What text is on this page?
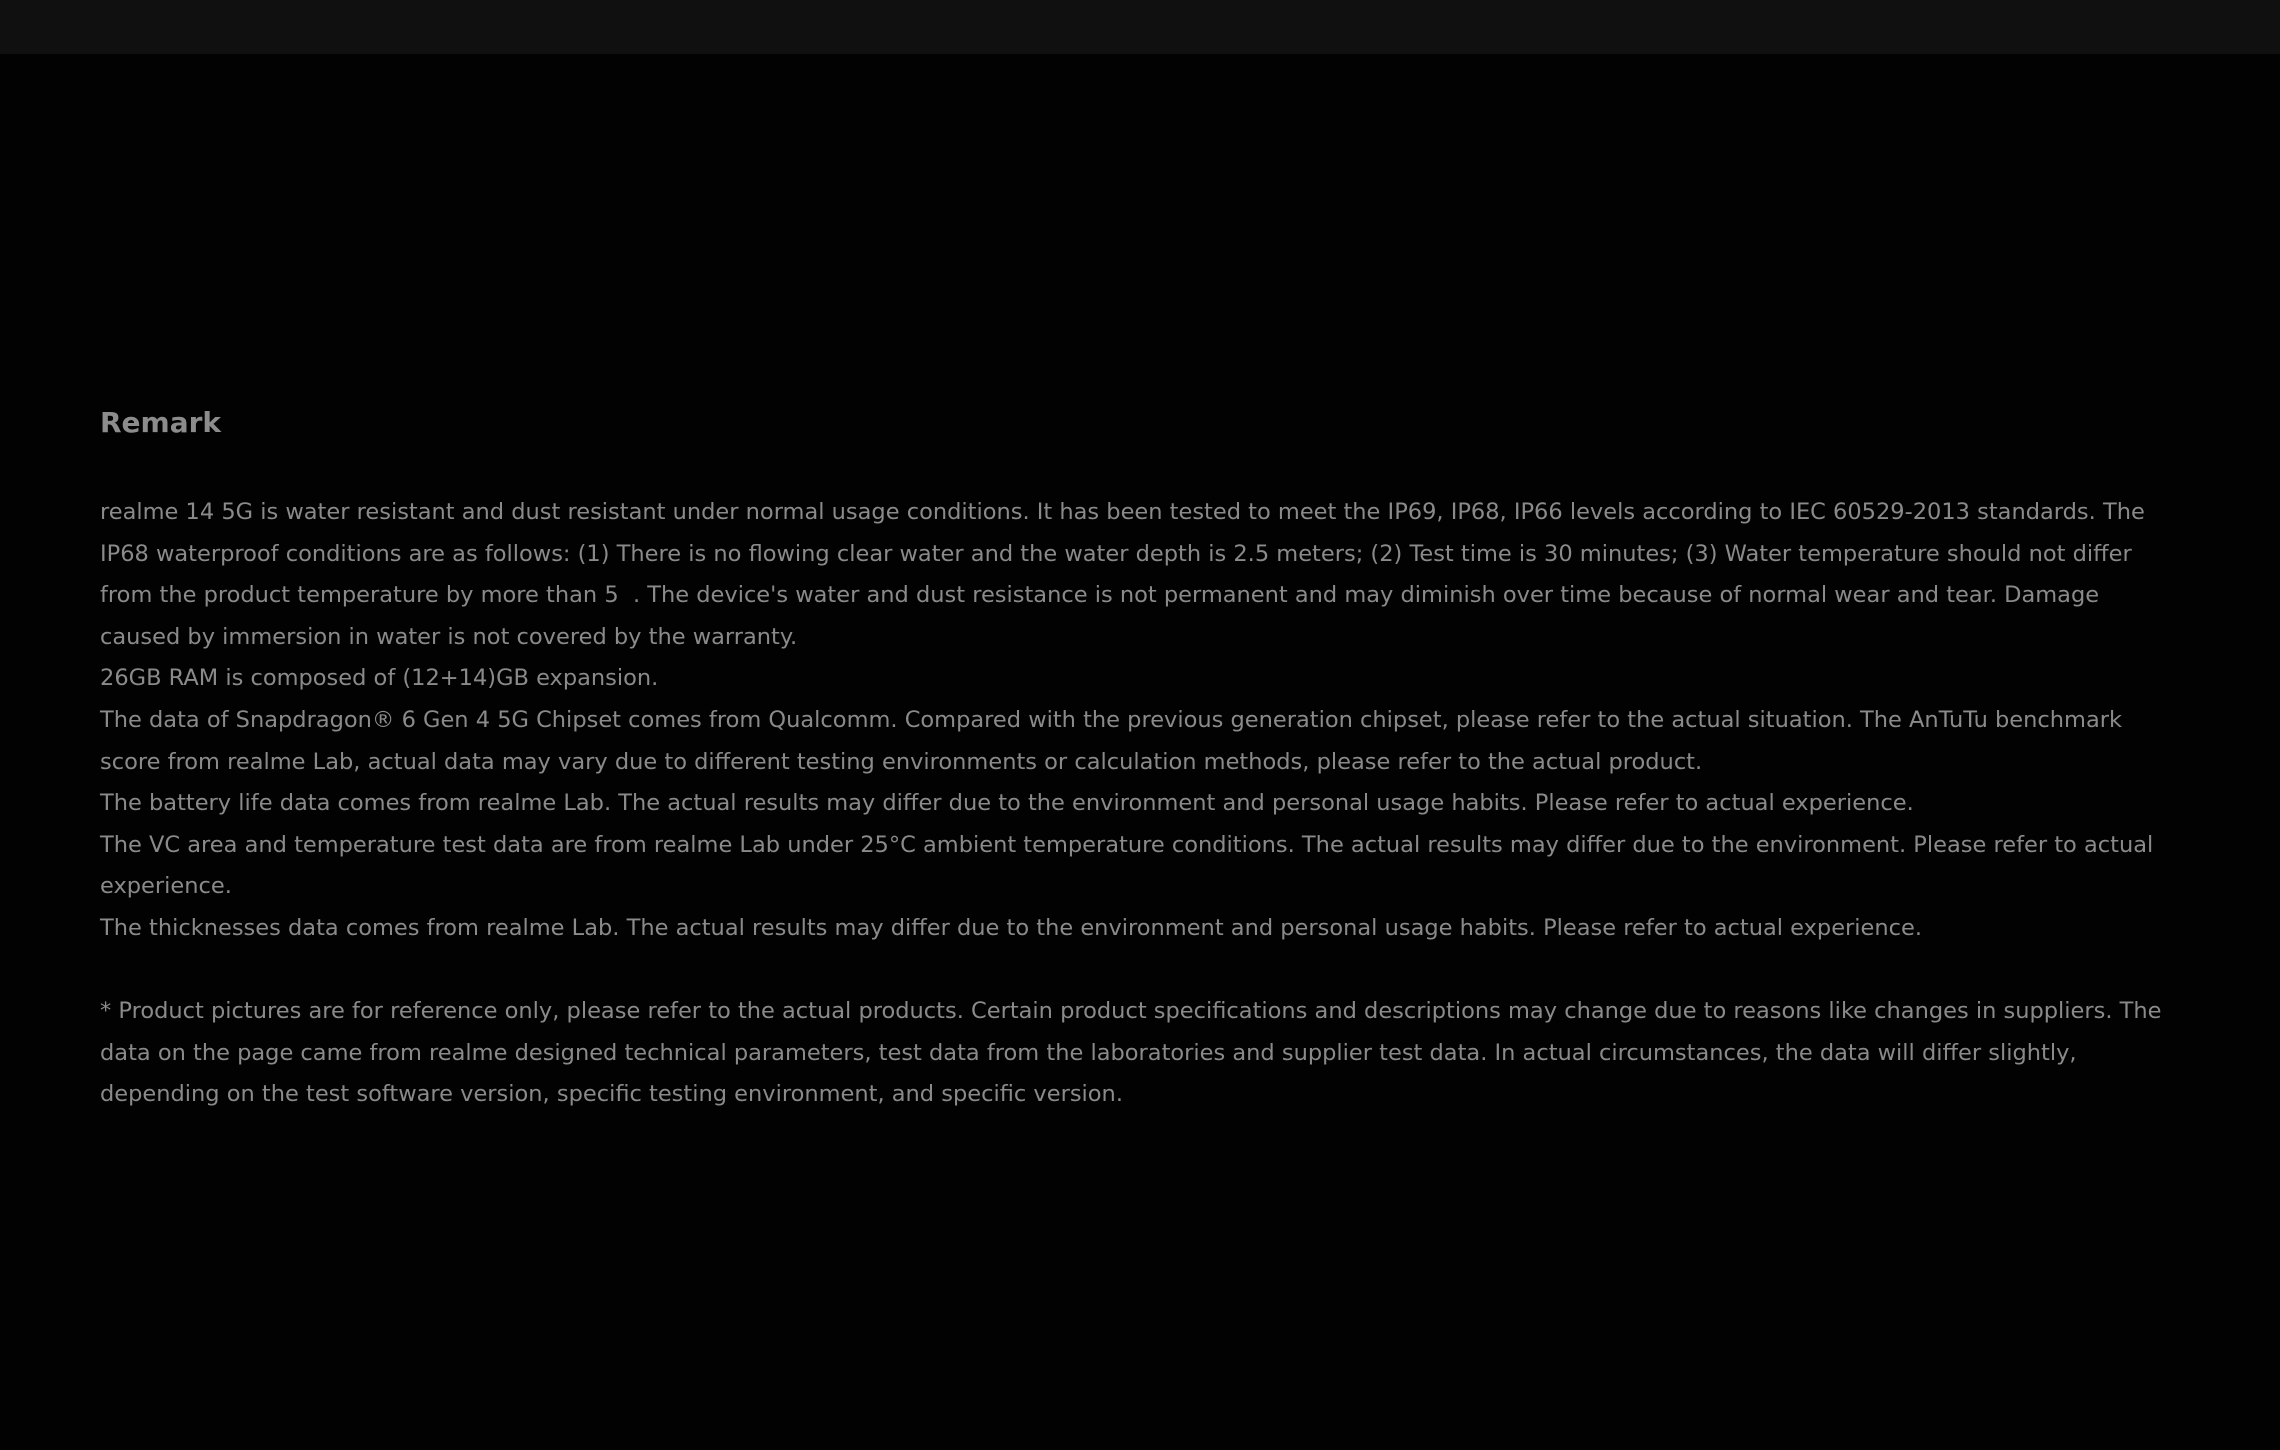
Remark
realme 14 5G is water resistant and dust resistant under normal usage conditions. It has been tested to meet the IP69, IP68, IP66 levels according to IEC 60529-2013 standards. The IP68 waterproof conditions are as follows: (1) There is no flowing clear water and the water depth is 2.5 meters; (2) Test time is 30 minutes; (3) Water temperature should not differ from the product temperature by more than 5  . The device's water and dust resistance is not permanent and may diminish over time because of normal wear and tear. Damage caused by immersion in water is not covered by the warranty.
26GB RAM is composed of (12+14)GB expansion.
The data of Snapdragon® 6 Gen 4 5G Chipset comes from Qualcomm. Compared with the previous generation chipset, please refer to the actual situation. The AnTuTu benchmark score from realme Lab, actual data may vary due to different testing environments or calculation methods, please refer to the actual product.
The battery life data comes from realme Lab. The actual results may differ due to the environment and personal usage habits. Please refer to actual experience.
The VC area and temperature test data are from realme Lab under 25°C ambient temperature conditions. The actual results may differ due to the environment. Please refer to actual experience.
The thicknesses data comes from realme Lab. The actual results may differ due to the environment and personal usage habits. Please refer to actual experience.

* Product pictures are for reference only, please refer to the actual products. Certain product specifications and descriptions may change due to reasons like changes in suppliers. The data on the page came from realme designed technical parameters, test data from the laboratories and supplier test data. In actual circumstances, the data will differ slightly, depending on the test software version, specific testing environment, and specific version.
